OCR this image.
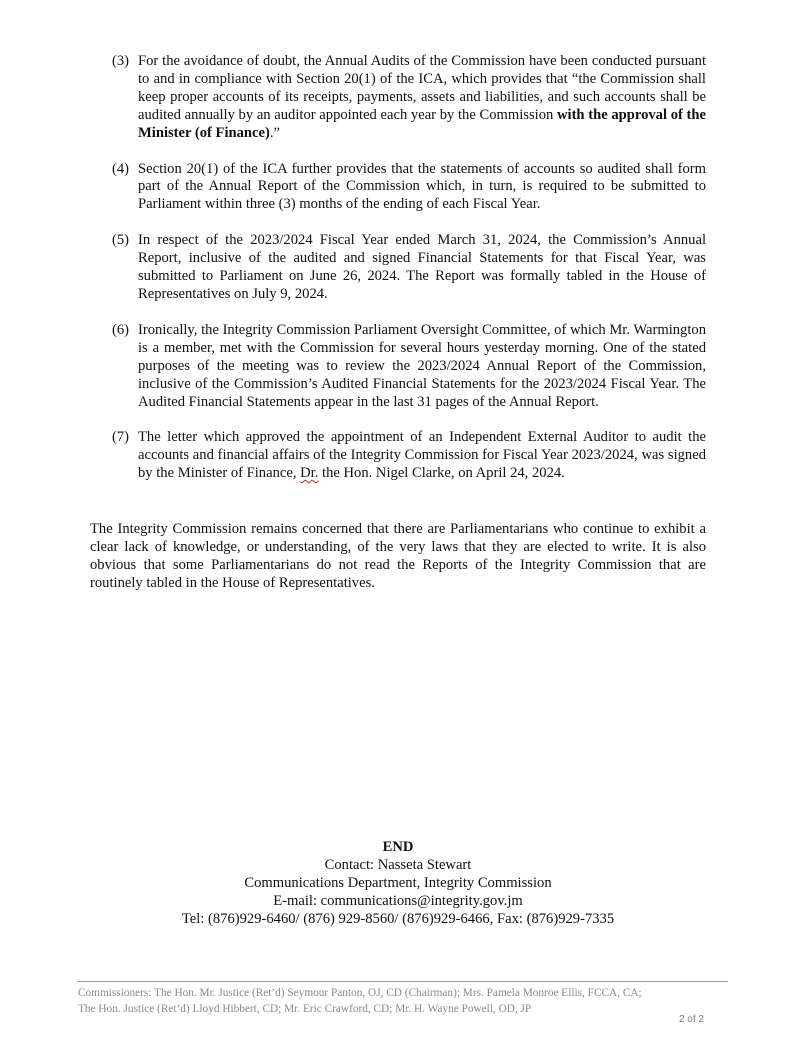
(3) For the avoidance of doubt, the Annual Audits of the Commission have been conducted pursuant to and in compliance with Section 20(1) of the ICA, which provides that “the Commission shall keep proper accounts of its receipts, payments, assets and liabilities, and such accounts shall be audited annually by an auditor appointed each year by the Commission with the approval of the Minister (of Finance).”

(4) Section 20(1) of the ICA further provides that the statements of accounts so audited shall form part of the Annual Report of the Commission which, in turn, is required to be submitted to Parliament within three (3) months of the ending of each Fiscal Year.

(5) In respect of the 2023/2024 Fiscal Year ended March 31, 2024, the Commission’s Annual Report, inclusive of the audited and signed Financial Statements for that Fiscal Year, was submitted to Parliament on June 26, 2024. The Report was formally tabled in the House of Representatives on July 9, 2024.

(6) Ironically, the Integrity Commission Parliament Oversight Committee, of which Mr. Warmington is a member, met with the Commission for several hours yesterday morning. One of the stated purposes of the meeting was to review the 2023/2024 Annual Report of the Commission, inclusive of the Commission’s Audited Financial Statements for the 2023/2024 Fiscal Year. The Audited Financial Statements appear in the last 31 pages of the Annual Report.

(7) The letter which approved the appointment of an Independent External Auditor to audit the accounts and financial affairs of the Integrity Commission for Fiscal Year 2023/2024, was signed by the Minister of Finance, Dr. the Hon. Nigel Clarke, on April 24, 2024.

The Integrity Commission remains concerned that there are Parliamentarians who continue to exhibit a clear lack of knowledge, or understanding, of the very laws that they are elected to write. It is also obvious that some Parliamentarians do not read the Reports of the Integrity Commission that are routinely tabled in the House of Representatives.

END
Contact: Nasseta Stewart
Communications Department, Integrity Commission
E-mail: communications@integrity.gov.jm
Tel: (876)929-6460/ (876) 929-8560/ (876)929-6466, Fax: (876)929-7335
Commissioners: The Hon. Mr. Justice (Ret’d) Seymour Panton, OJ, CD (Chairman); Mrs. Pamela Monroe Ellis, FCCA, CA;
The Hon. Justice (Ret’d) Lloyd Hibbert, CD; Mr. Eric Crawford, CD; Mr. H. Wayne Powell, OD, JP
2 of 2
